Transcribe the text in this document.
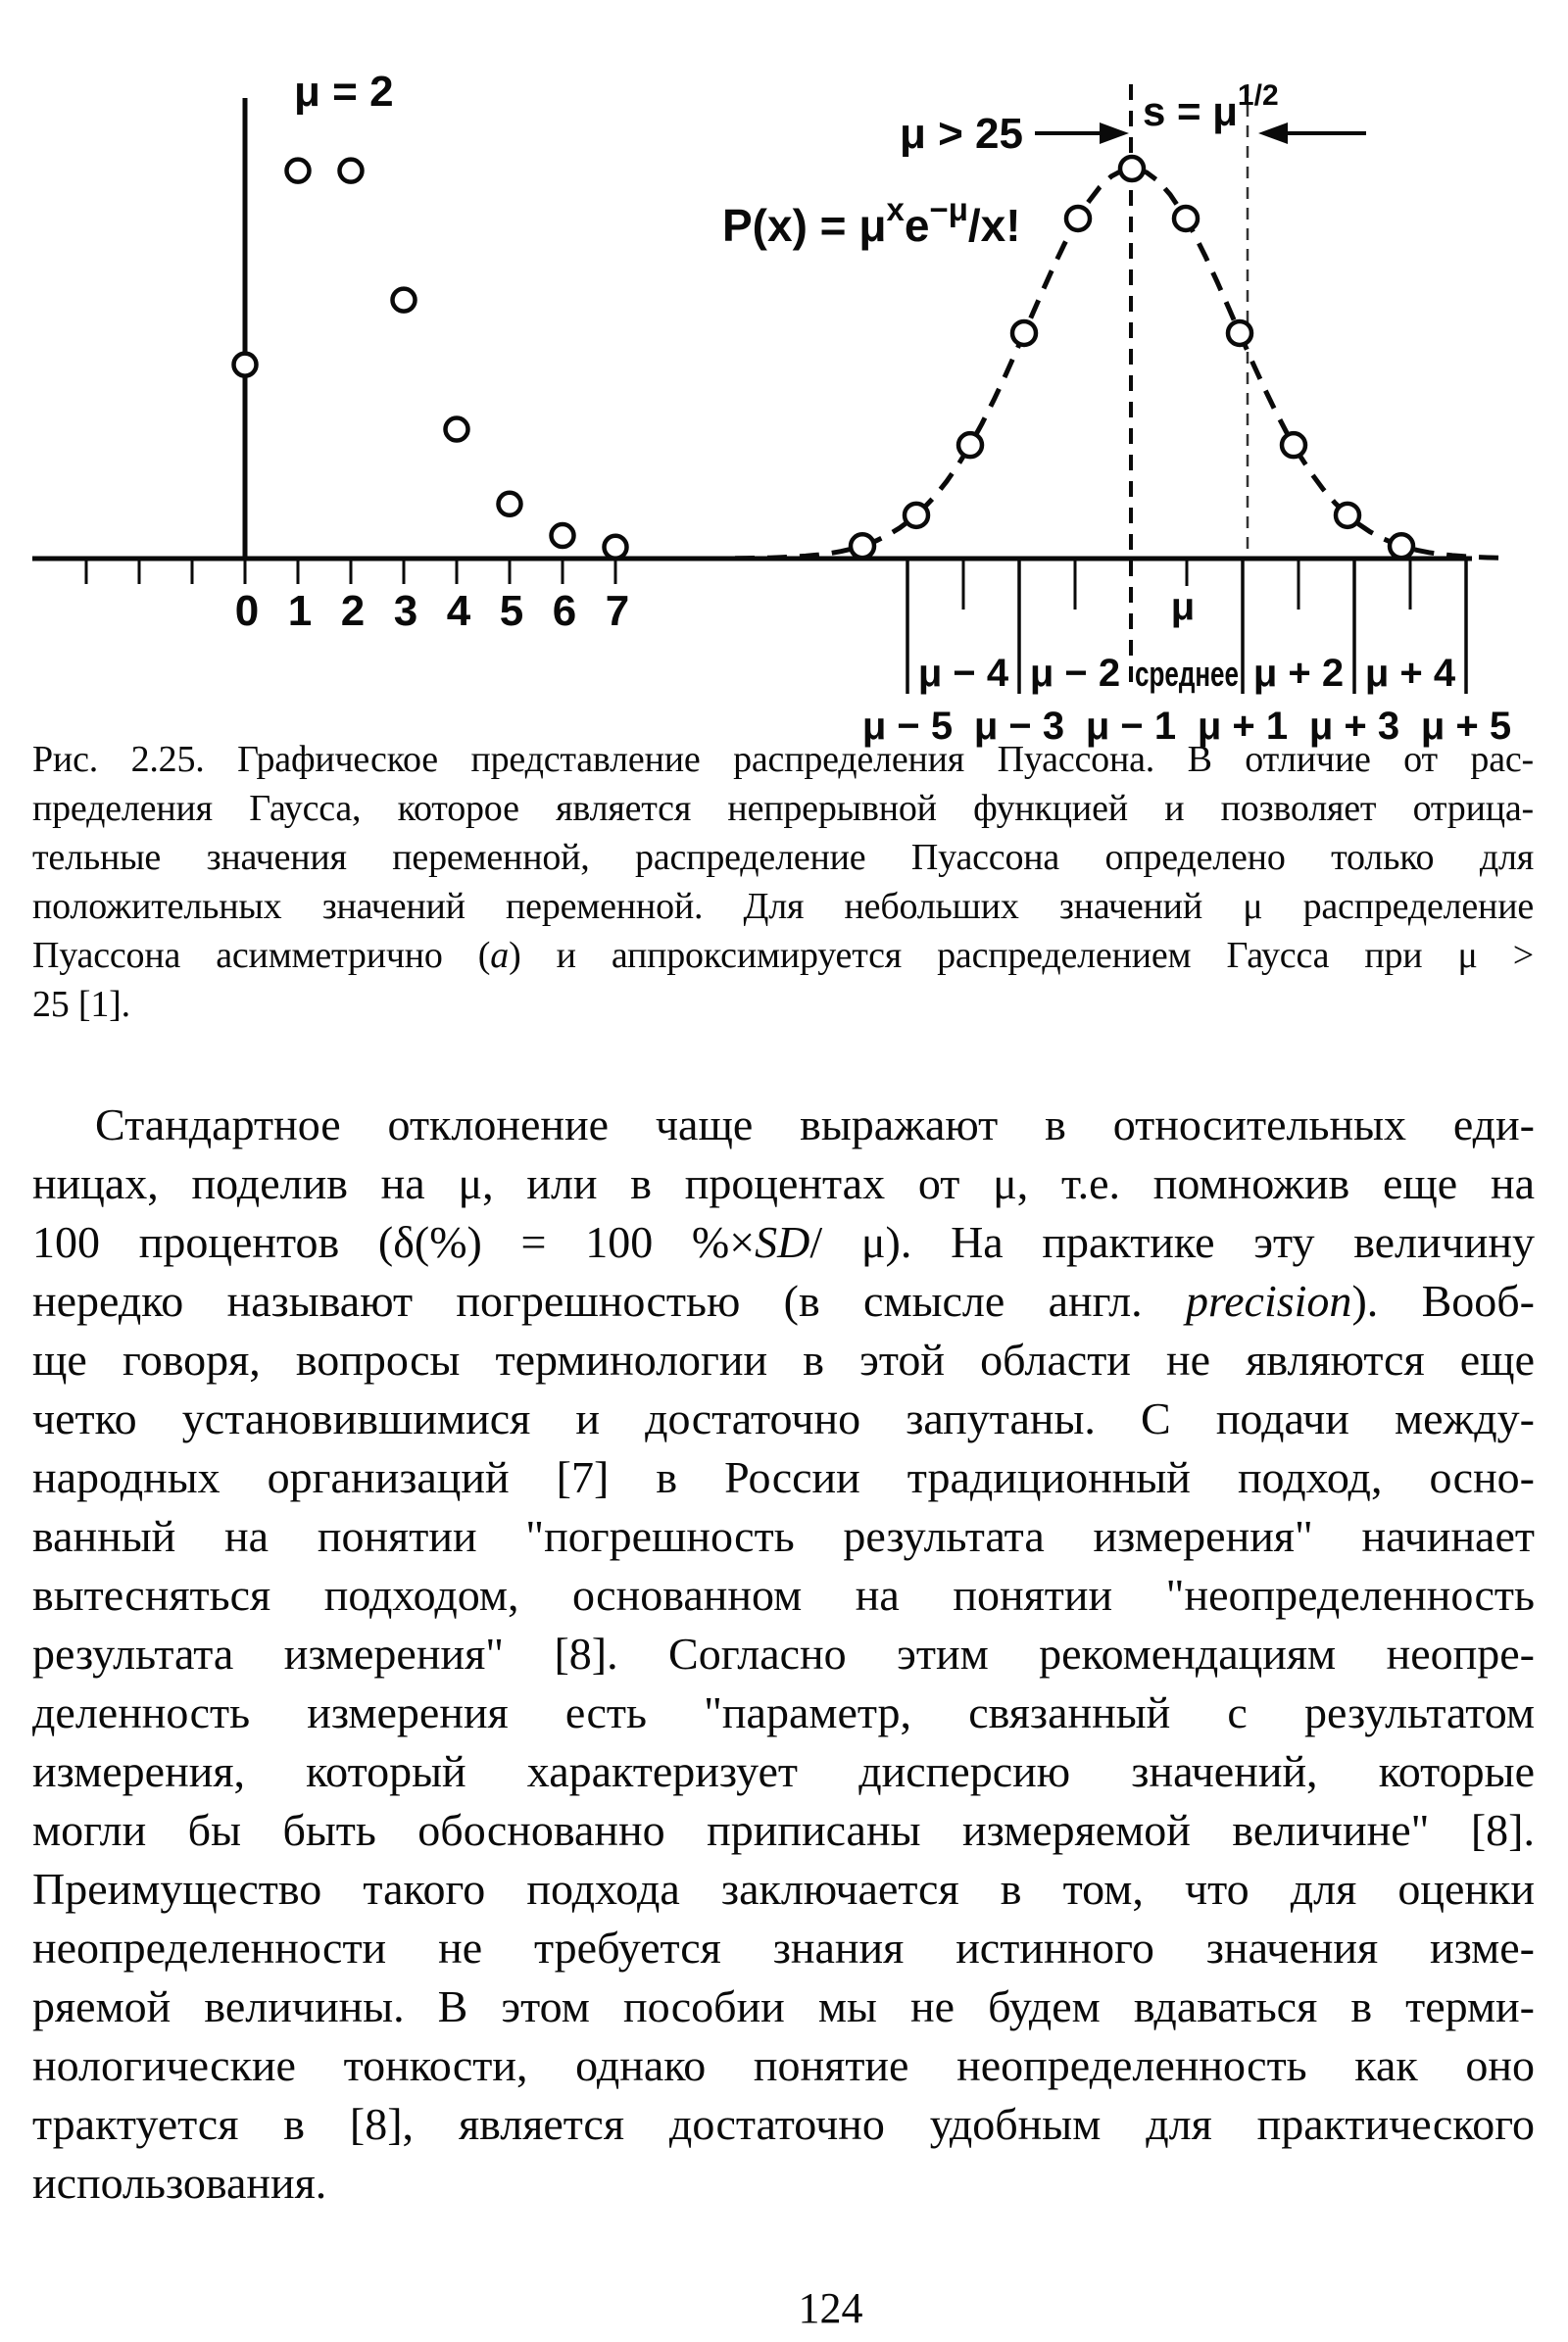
0 1 2 3 4 5 6 7
μ = 2
μ
μ − 4 μ − 2 среднее μ + 2 μ + 4
μ − 5 μ − 3 μ − 1 μ + 1 μ + 3 μ + 5
μ > 25	$s = \mu^{1/2}$
$P(x) = \mu^xe^{-\mu}/x$!
Рис. 2.25. Графическое представление распределения Пуассона. В отличие от рас-
пределения Гаусса, которое является непрерывной функцией и позволяет отрица-
тельные значения переменной, распределение Пуассона определено только для
положительных значений переменной. Для небольших значений μ распределение
Пуассона асимметрично (а) и аппроксимируется распределением Гаусса при μ >
25 [1].
Стандартное отклонение чаще выражают в относительных еди-
ницах, поделив на μ, или в процентах от μ, т.е. помножив еще на
100 процентов (δ(%) = 100 %×SD/ μ). На практике эту величину
нередко называют погрешностью (в смысле англ. precision). Вооб-
ще говоря, вопросы терминологии в этой области не являются еще
четко установившимися и достаточно запутаны. С подачи между-
народных организаций [7] в России традиционный подход, осно-
ванный на понятии "погрешность результата измерения" начинает
вытесняться подходом, основанном на понятии "неопределенность
результата измерения" [8]. Согласно этим рекомендациям неопре-
деленность измерения есть "параметр, связанный с результатом
измерения, который характеризует дисперсию значений, которые
могли бы быть обоснованно приписаны измеряемой величине" [8].
Преимущество такого подхода заключается в том, что для оценки
неопределенности не требуется знания истинного значения изме-
ряемой величины. В этом пособии мы не будем вдаваться в терми-
нологические тонкости, однако понятие неопределенность как оно
трактуется в [8], является достаточно удобным для практического
использования.
124
